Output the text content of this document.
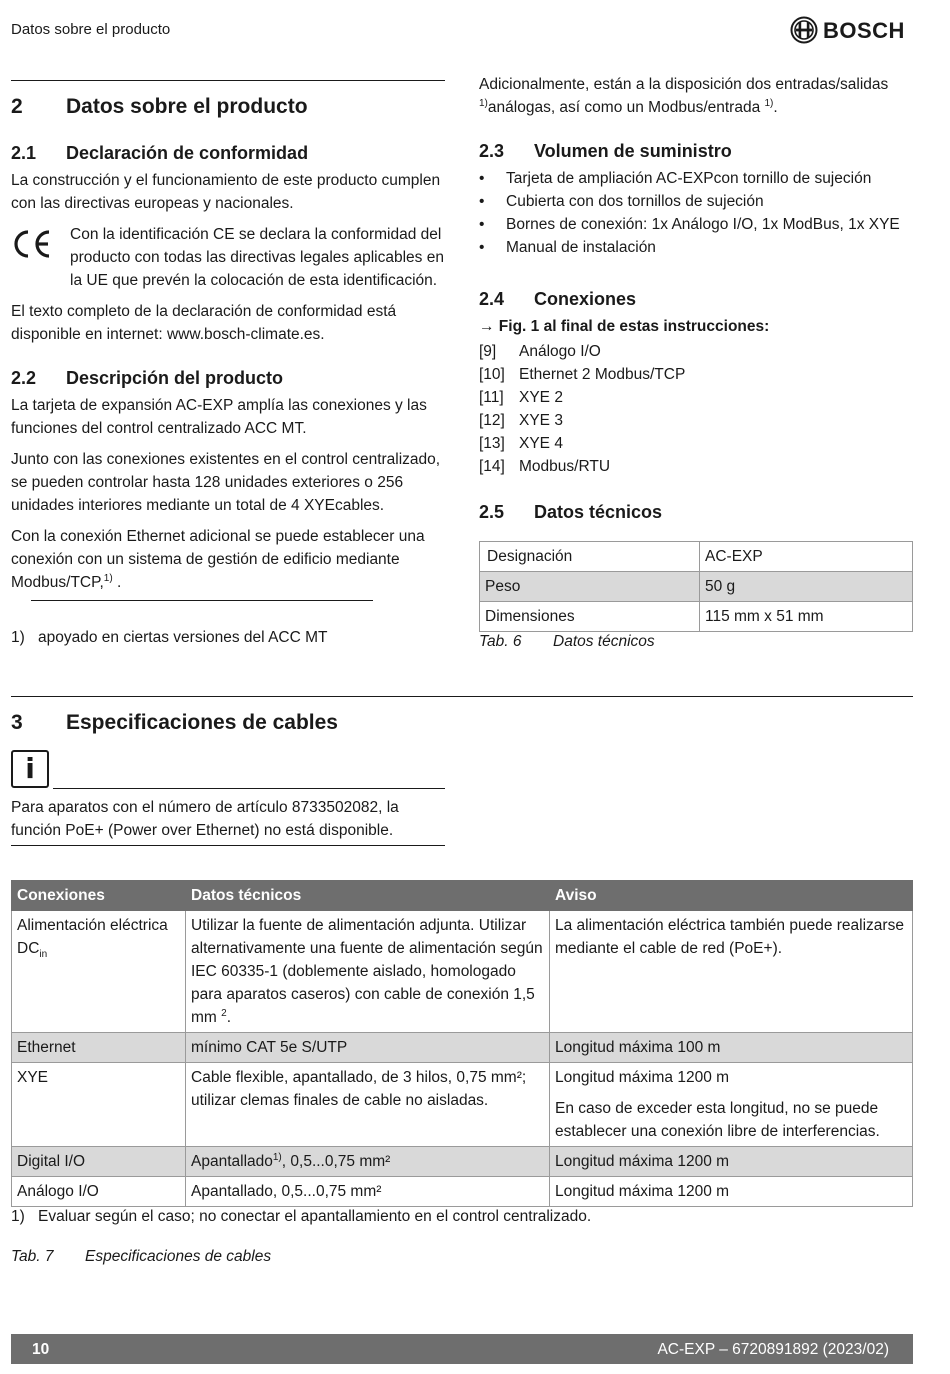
Datos sobre el producto	BOSCH
2 Datos sobre el producto
2.1 Declaración de conformidad

La construcción y el funcionamiento de este producto cumplen con las directivas europeas y nacionales.

Con la identificación CE se declara la conformidad del producto con todas las directivas legales aplicables en la UE que prevén la colocación de esta identificación.

El texto completo de la declaración de conformidad está disponible en internet: www.bosch-climate.es.

2.2 Descripción del producto

La tarjeta de expansión AC-EXP amplía las conexiones y las funciones del control centralizado ACC MT.

Junto con las conexiones existentes en el control centralizado, se pueden controlar hasta 128 unidades exteriores o 256 unidades interiores mediante un total de 4 XYEcables.

Con la conexión Ethernet adicional se puede establecer una conexión con un sistema de gestión de edificio mediante Modbus/TCP,$^{1)}$ .

1) apoyado en ciertas versiones del ACC MT

Adicionalmente, están a la disposición dos entradas/salidas
$^{1)}$análogas, así como un Modbus/entrada $^{1)}$.

2.3 Volumen de suministro
• Tarjeta de ampliación AC-EXPcon tornillo de sujeción
• Cubierta con dos tornillos de sujeción
• Bornes de conexión: 1x Análogo I/O, 1x ModBus, 1x XYE
• Manual de instalación
2.4 Conexiones
→ Fig. 1 al final de estas instrucciones:
[9]	Análogo I/O
[10] Ethernet 2 Modbus/TCP
[11] XYE 2
[12] XYE 3
[13] XYE 4
[14] Modbus/RTU
2.5 Datos técnicos
Designación	AC-EXP
Peso	50 g
Dimensiones	115 mm x 51 mm
Tab. 6 Datos técnicos
3 Especificaciones de cables
i

Para aparatos con el número de artículo 8733502082, la función PoE+ (Power over Ethernet) no está disponible.

Conexiones	Datos técnicos	Aviso
Alimentación eléctrica $DC_{in}$	Utilizar la fuente de alimentación adjunta. Utilizar alternativamente una fuente de alimentación según IEC 60335-1 (doblemente aislado, homologado para aparatos caseros) con cable de conexión 1,5 mm $^2$.	La alimentación eléctrica también puede realizarse mediante el cable de red (PoE+).
Ethernet	mínimo CAT 5e S/UTP	Longitud máxima 100 m
XYE	Cable flexible, apantallado, de 3 hilos, 0,75 mm²; utilizar clemas finales de cable no aisladas.	Longitud máxima 1200 m
En caso de exceder esta longitud, no se puede establecer una conexión libre de interferencias.

Digital I/O	Apantallado$^{1)}$, 0,5...0,75 mm²	Longitud máxima 1200 m
Análogo I/O	Apantallado, 0,5...0,75 mm²	Longitud máxima 1200 m
1) Evaluar según el caso; no conectar el apantallamiento en el control centralizado.
Tab. 7 Especificaciones de cables
10	AC-EXP – 6720891892 (2023/02)
